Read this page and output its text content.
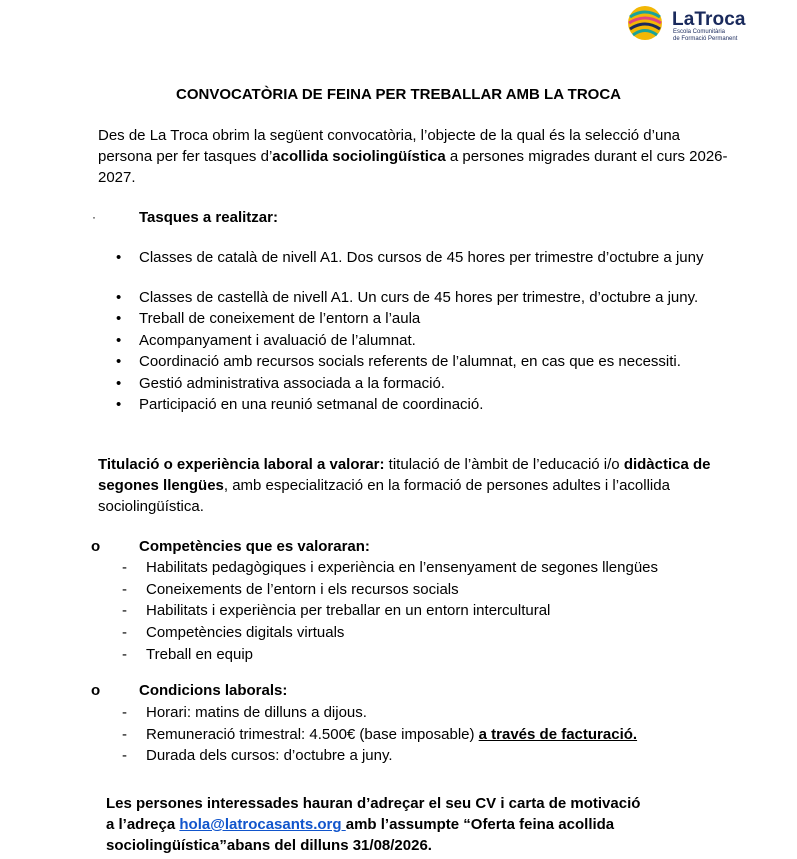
LaTroca
Escola Comunitària
de Formació Permanent
CONVOCATÒRIA DE FEINA PER TREBALLAR AMB LA TROCA
Des de La Troca obrim la següent convocatòria, l’objecte de la qual és la selecció d’una persona per fer tasques d’acollida sociolingüística a persones migrades durant el curs 2026-2027.
·	Tasques a realitzar:
• Classes de català de nivell A1. Dos cursos de 45 hores per trimestre d’octubre a juny
• Classes de castellà de nivell A1. Un curs de 45 hores per trimestre, d’octubre a juny.
• Treball de coneixement de l’entorn a l’aula
• Acompanyament i avaluació de l’alumnat.
• Coordinació amb recursos socials referents de l’alumnat, en cas que es necessiti.
• Gestió administrativa associada a la formació.
• Participació en una reunió setmanal de coordinació.
Titulació o experiència laboral a valorar: titulació de l’àmbit de l’educació i/o didàctica de segones llengües, amb especialització en la formació de persones adultes i l’acollida sociolingüística.
o	Competències que es valoraran:
- Habilitats pedagògiques i experiència en l’ensenyament de segones llengües
- Coneixements de l’entorn i els recursos socials
- Habilitats i experiència per treballar en un entorn intercultural
- Competències digitals virtuals
- Treball en equip
o	Condicions laborals:
- Horari: matins de dilluns a dijous.
- Remuneració trimestral: 4.500€ (base imposable) a través de facturació.
- Durada dels cursos: d’octubre a juny.
Les persones interessades hauran d’adreçar el seu CV i carta de motivació
a l’adreça hola@latrocasants.org amb l’assumpte “Oferta feina acollida
sociolingüística”abans del dilluns 31/08/2026.
